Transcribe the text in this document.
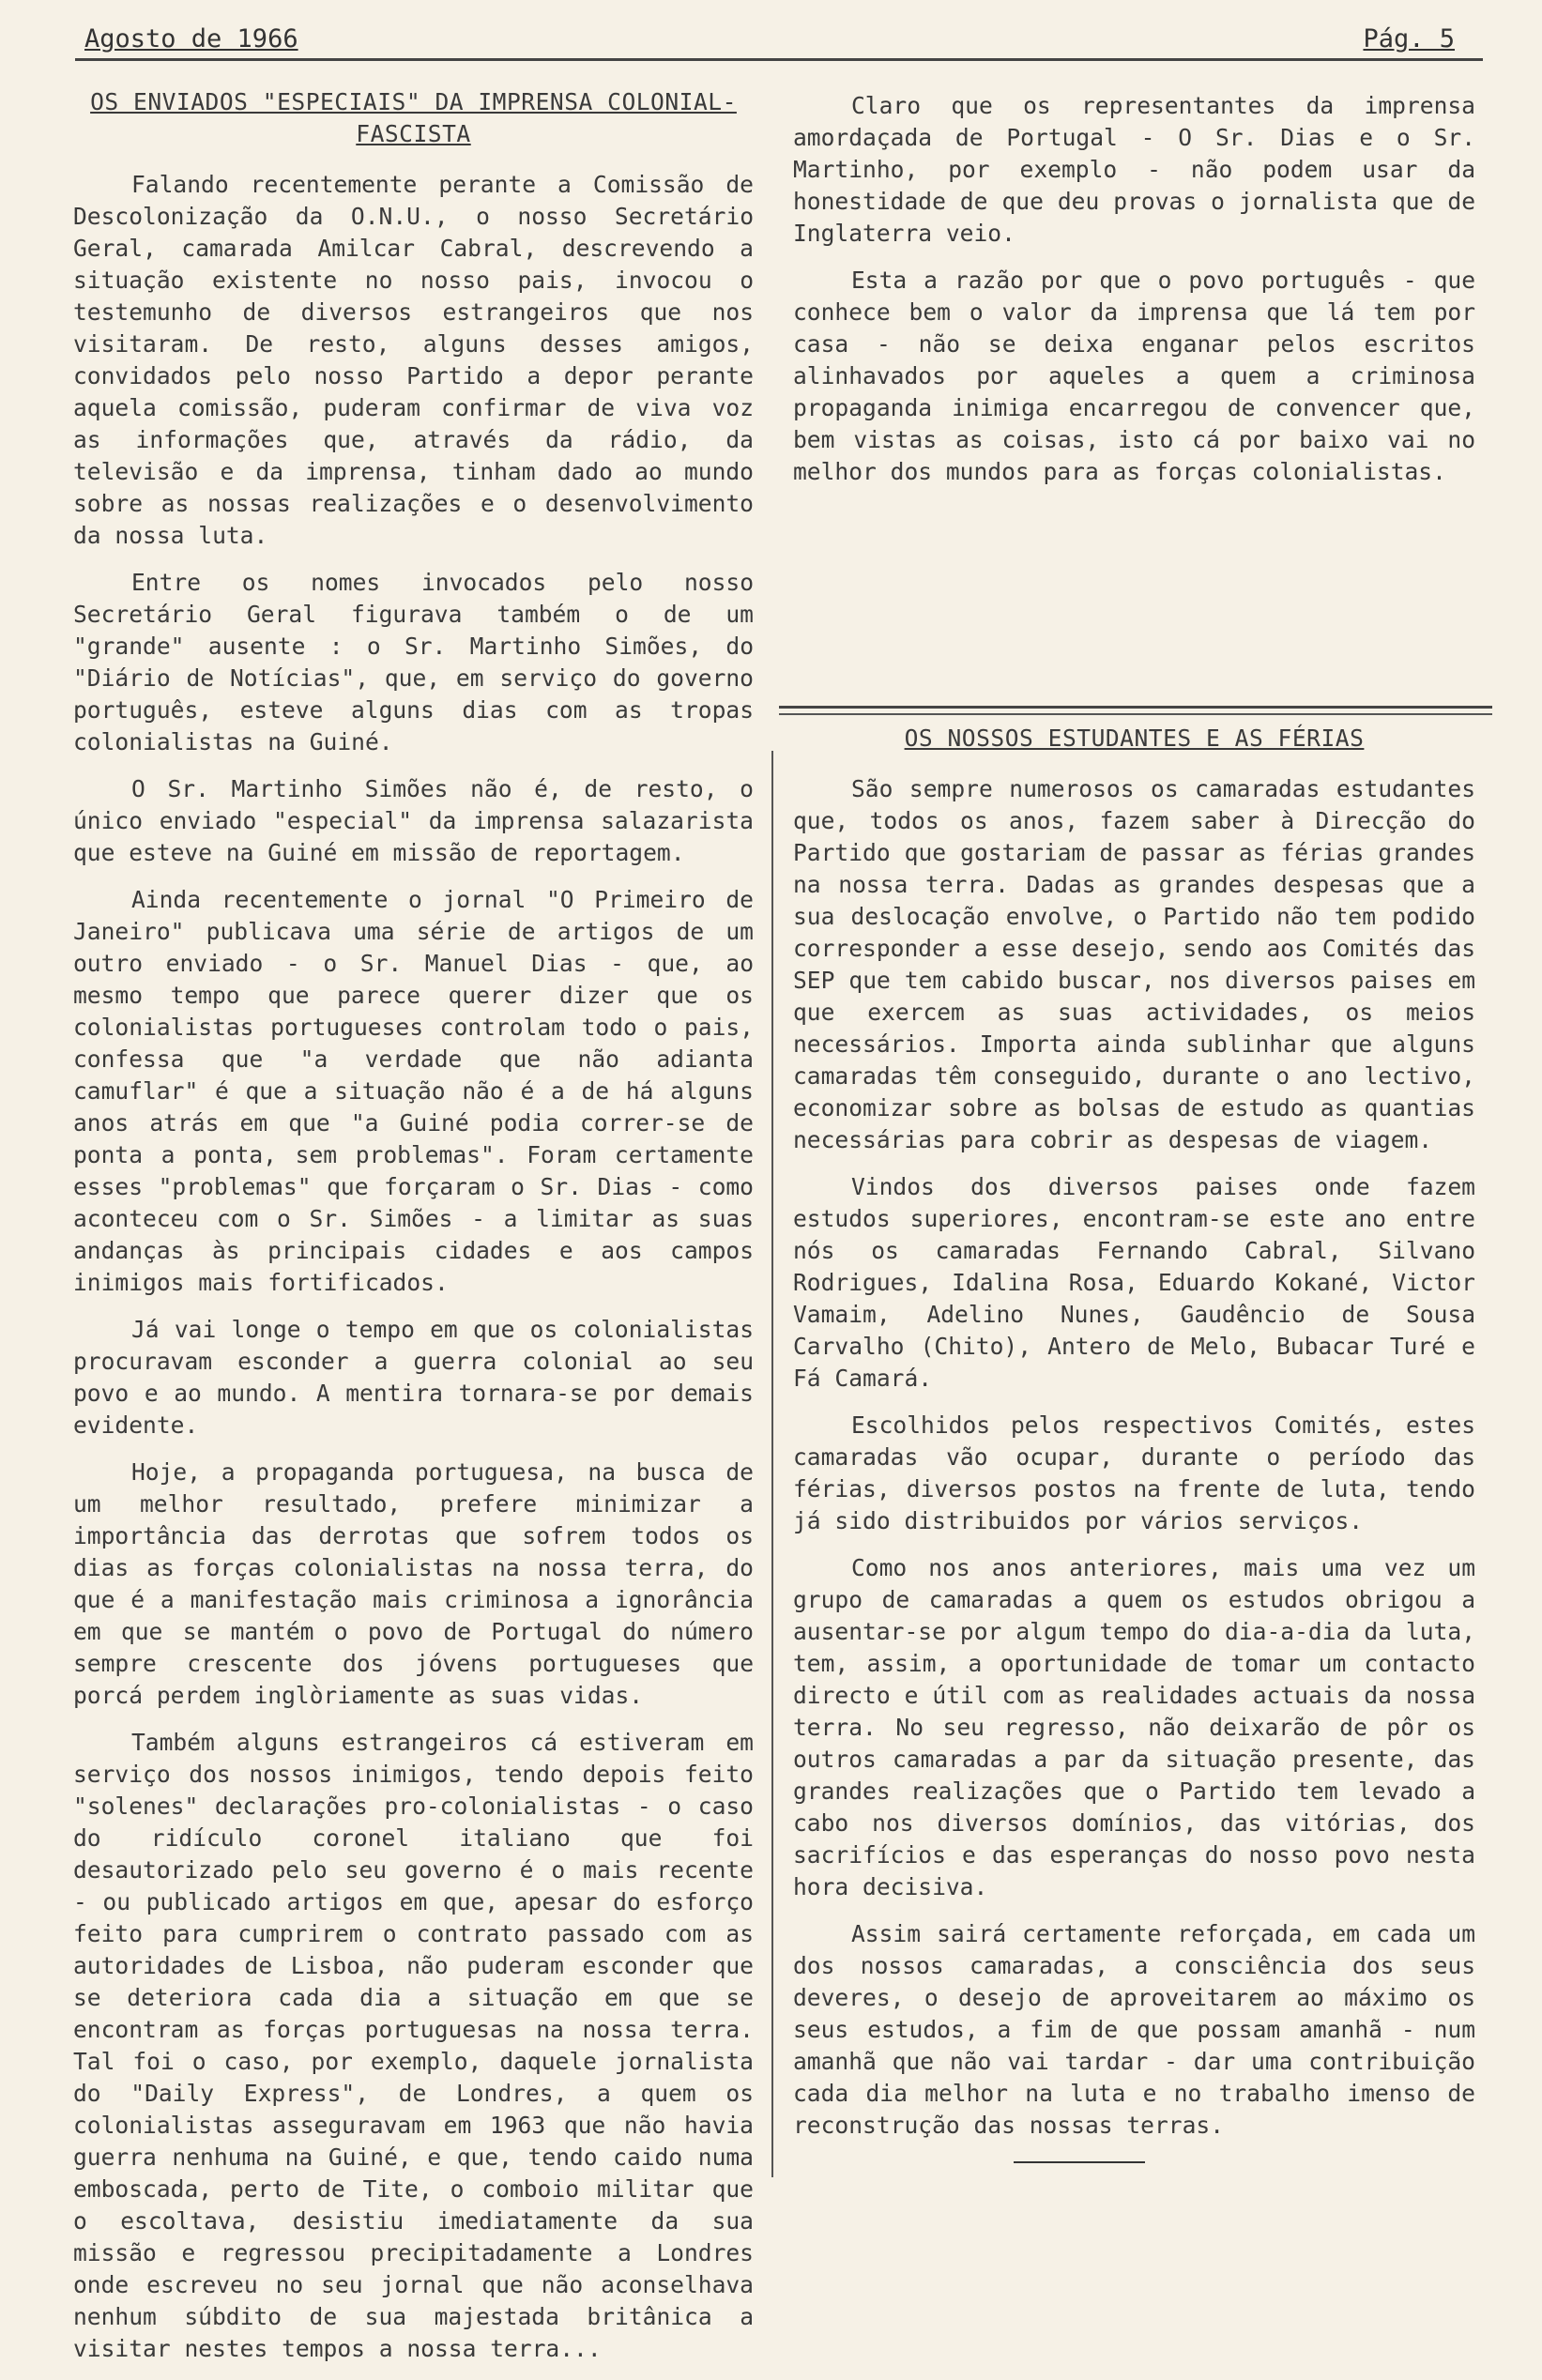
Agosto de 1966	Pág. 5
OS ENVIADOS "ESPECIAIS" DA IMPRENSA COLONIAL-FASCISTA

Falando recentemente perante a Comissão de Descolonização da O.N.U., o nosso Secretário Geral, camarada Amilcar Cabral, descrevendo a situação existente no nosso pais, invocou o testemunho de diversos estrangeiros que nos visitaram. De resto, alguns desses amigos, convidados pelo nosso Partido a depor perante aquela comissão, puderam confirmar de viva voz as informações que, através da rádio, da televisão e da imprensa, tinham dado ao mundo sobre as nossas realizações e o desenvolvimento da nossa luta.

Entre os nomes invocados pelo nosso Secretário Geral figurava também o de um "grande" ausente : o Sr. Martinho Simões, do "Diário de Notícias", que, em serviço do governo português, esteve alguns dias com as tropas colonialistas na Guiné.

O Sr. Martinho Simões não é, de resto, o único enviado "especial" da imprensa salazarista que esteve na Guiné em missão de reportagem.

Ainda recentemente o jornal "O Primeiro de Janeiro" publicava uma série de artigos de um outro enviado - o Sr. Manuel Dias - que, ao mesmo tempo que parece querer dizer que os colonialistas portugueses controlam todo o pais, confessa que "a verdade que não adianta camuflar" é que a situação não é a de há alguns anos atrás em que "a Guiné podia correr-se de ponta a ponta, sem problemas". Foram certamente esses "problemas" que forçaram o Sr. Dias - como aconteceu com o Sr. Simões - a limitar as suas andanças às principais cidades e aos campos inimigos mais fortificados.

Já vai longe o tempo em que os colonialistas procuravam esconder a guerra colonial ao seu povo e ao mundo. A mentira tornara-se por demais evidente.

Hoje, a propaganda portuguesa, na busca de um melhor resultado, prefere minimizar a importância das derrotas que sofrem todos os dias as forças colonialistas na nossa terra, do que é a manifestação mais criminosa a ignorância em que se mantém o povo de Portugal do número sempre crescente dos jóvens portugueses que porcá perdem inglòriamente as suas vidas.

Também alguns estrangeiros cá estiveram em serviço dos nossos inimigos, tendo depois feito "solenes" declarações pro-colonialistas - o caso do ridículo coronel italiano que foi desautorizado pelo seu governo é o mais recente - ou publicado artigos em que, apesar do esforço feito para cumprirem o contrato passado com as autoridades de Lisboa, não puderam esconder que se deteriora cada dia a situação em que se encontram as forças portuguesas na nossa terra. Tal foi o caso, por exemplo, daquele jornalista do "Daily Express", de Londres, a quem os colonialistas asseguravam em 1963 que não havia guerra nenhuma na Guiné, e que, tendo caido numa emboscada, perto de Tite, o comboio militar que o escoltava, desistiu imediatamente da sua missão e regressou precipitadamente a Londres onde escreveu no seu jornal que não aconselhava nenhum súbdito de sua majestada britânica a visitar nestes tempos a nossa terra...

Claro que os representantes da imprensa amordaçada de Portugal - O Sr. Dias e o Sr. Martinho, por exemplo - não podem usar da honestidade de que deu provas o jornalista que de Inglaterra veio.

Esta a razão por que o povo português - que conhece bem o valor da imprensa que lá tem por casa - não se deixa enganar pelos escritos alinhavados por aqueles a quem a criminosa propaganda inimiga encarregou de convencer que, bem vistas as coisas, isto cá por baixo vai no melhor dos mundos para as forças colonialistas.

OS NOSSOS ESTUDANTES E AS FÉRIAS

São sempre numerosos os camaradas estudantes que, todos os anos, fazem saber à Direcção do Partido que gostariam de passar as férias grandes na nossa terra. Dadas as grandes despesas que a sua deslocação envolve, o Partido não tem podido corresponder a esse desejo, sendo aos Comités das SEP que tem cabido buscar, nos diversos paises em que exercem as suas actividades, os meios necessários. Importa ainda sublinhar que alguns camaradas têm conseguido, durante o ano lectivo, economizar sobre as bolsas de estudo as quantias necessárias para cobrir as despesas de viagem.

Vindos dos diversos paises onde fazem estudos superiores, encontram-se este ano entre nós os camaradas Fernando Cabral, Silvano Rodrigues, Idalina Rosa, Eduardo Kokané, Victor Vamaim, Adelino Nunes, Gaudêncio de Sousa Carvalho (Chito), Antero de Melo, Bubacar Turé e Fá Camará.

Escolhidos pelos respectivos Comités, estes camaradas vão ocupar, durante o período das férias, diversos postos na frente de luta, tendo já sido distribuidos por vários serviços.

Como nos anos anteriores, mais uma vez um grupo de camaradas a quem os estudos obrigou a ausentar-se por algum tempo do dia-a-dia da luta, tem, assim, a oportunidade de tomar um contacto directo e útil com as realidades actuais da nossa terra. No seu regresso, não deixarão de pôr os outros camaradas a par da situação presente, das grandes realizações que o Partido tem levado a cabo nos diversos domínios, das vitórias, dos sacrifícios e das esperanças do nosso povo nesta hora decisiva.

Assim sairá certamente reforçada, em cada um dos nossos camaradas, a consciência dos seus deveres, o desejo de aproveitarem ao máximo os seus estudos, a fim de que possam amanhã - num amanhã que não vai tardar - dar uma contribuição cada dia melhor na luta e no trabalho imenso de reconstrução das nossas terras.
